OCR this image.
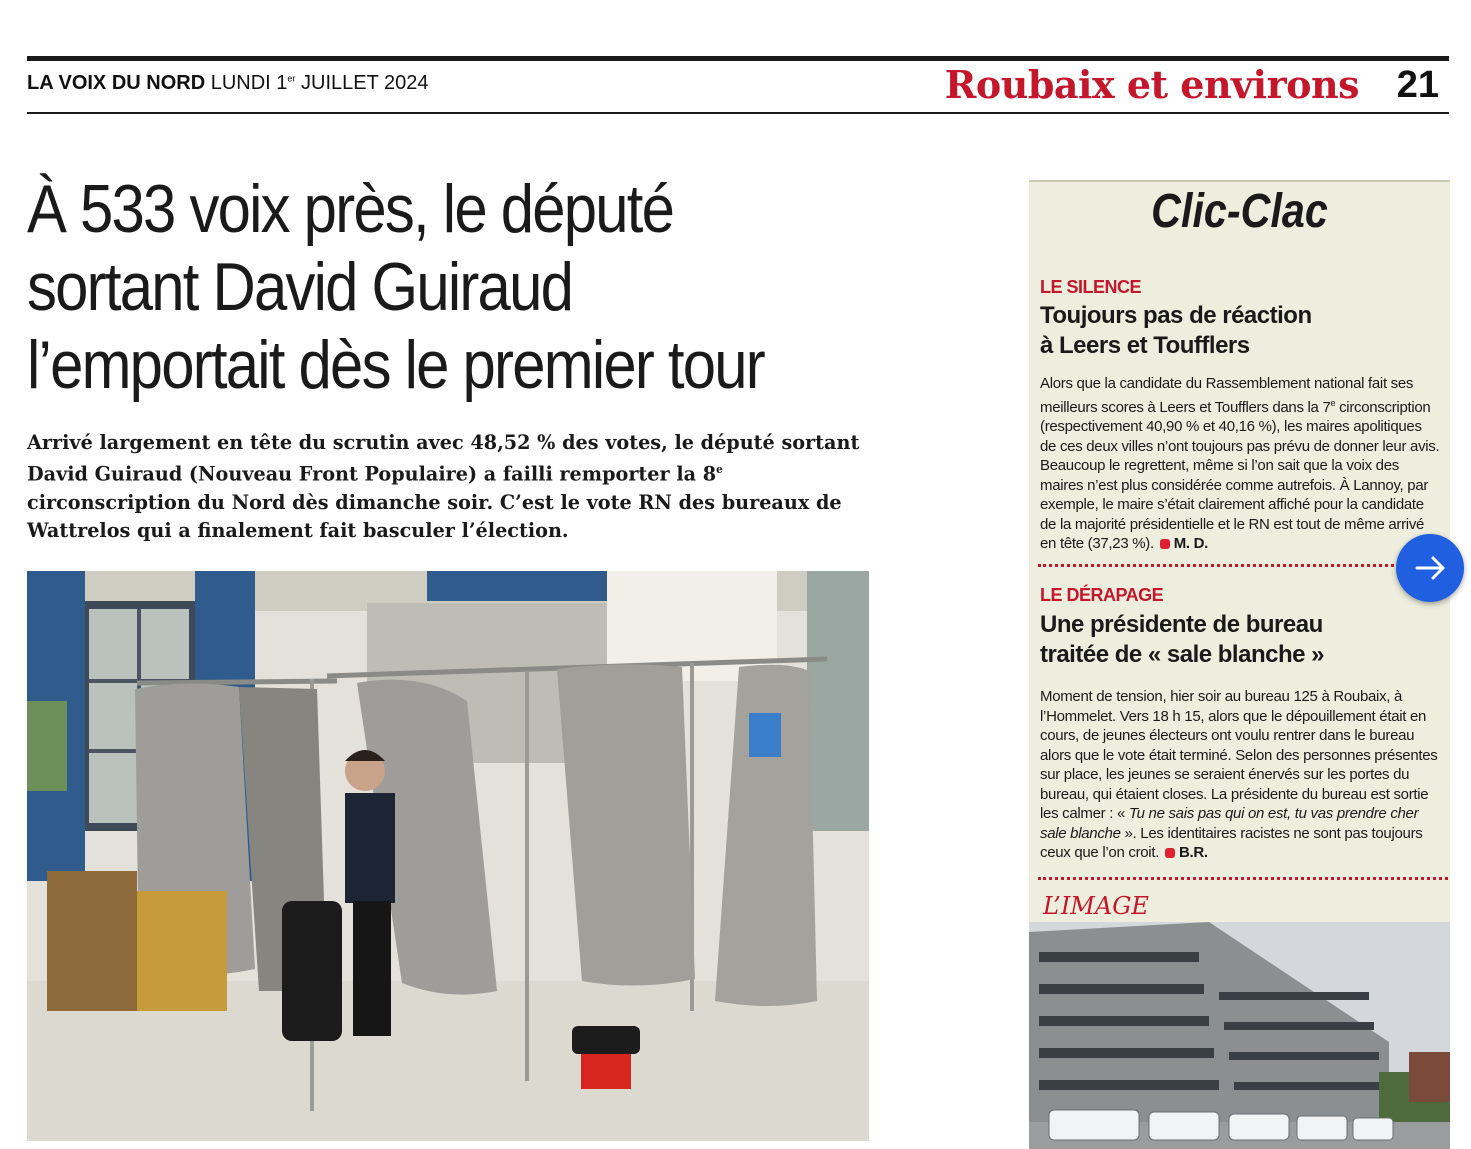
LA VOIX DU NORD LUNDI 1er JUILLET 2024	Roubaix et environs 21
À 533 voix près, le député sortant David Guiraud l’emportait dès le premier tour

Arrivé largement en tête du scrutin avec 48,52 % des votes, le député sortant David Guiraud (Nouveau Front Populaire) a failli remporter la 8e circonscription du Nord dès dimanche soir. C’est le vote RN des bureaux de Wattrelos qui a finalement fait basculer l’élection.

Clic-Clac
LE SILENCE
Toujours pas de réaction
à Leers et Toufflers
Alors que la candidate du Rassemblement national fait ses meilleurs scores à Leers et Toufflers dans la 7e circonscription (respectivement 40,90 % et 40,16 %), les maires apolitiques de ces deux villes n’ont toujours pas prévu de donner leur avis. Beaucoup le regrettent, même si l’on sait que la voix des maires n’est plus considérée comme autrefois. À Lannoy, par exemple, le maire s’était clairement affiché pour la candidate de la majorité présidentielle et le RN est tout de même arrivé en tête (37,23 %). M. D.
LE DÉRAPAGE
Une présidente de bureau
traitée de « sale blanche »
Moment de tension, hier soir au bureau 125 à Roubaix, à l’Hommelet. Vers 18 h 15, alors que le dépouillement était en cours, de jeunes électeurs ont voulu rentrer dans le bureau alors que le vote était terminé. Selon des personnes présentes sur place, les jeunes se seraient énervés sur les portes du bureau, qui étaient closes. La présidente du bureau est sortie les calmer : « Tu ne sais pas qui on est, tu vas prendre cher sale blanche ». Les identitaires racistes ne sont pas toujours ceux que l’on croit. B.R.
L’IMAGE
